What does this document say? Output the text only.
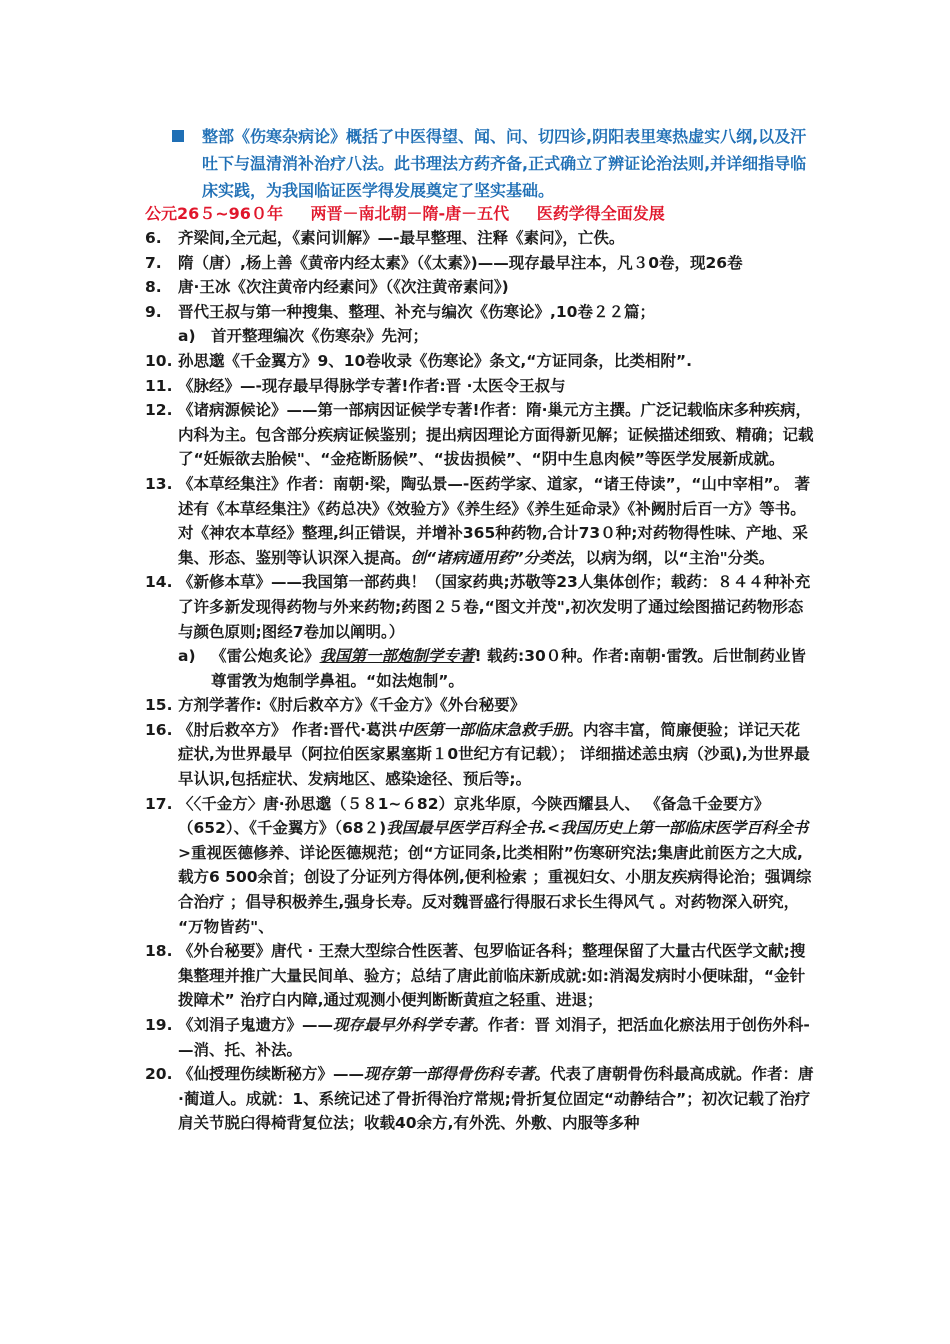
整部《伤寒杂病论》概括了中医得望、闻、问、切四诊,阴阳表里寒热虚实八纲,以及汗吐下与温清消补治疗八法。此书理法方药齐备,正式确立了辨证论治法则,并详细指导临床实践，为我国临证医学得发展奠定了坚实基础。
公元26５~96０年 两晋－南北朝－隋-唐－五代 医药学得全面发展
6. 齐梁间,全元起，《素问训解》—-最早整理、注释《素问》，亡佚。
7. 隋（唐）,杨上善《黄帝内经太素》（《太素》)——现存最早注本，凡３0卷，现26卷
8. 唐·王冰《次注黄帝内经素问》（《次注黄帝素问》)
9. 晋代王叔与第一种搜集、整理、补充与编次《伤寒论》,10卷２２篇；
a) 首开整理编次《伤寒杂》先河；
10. 孙思邈《千金翼方》9、10卷收录《伤寒论》条文,“方证同条，比类相附”.
11. 《脉经》—-现存最早得脉学专著!作者:晋 ·太医令王叔与
12. 《诸病源候论》——第一部病因证候学专著!作者：隋·巢元方主撰。广泛记载临床多种疾病，内科为主。包含部分疾病证候鉴别；提出病因理论方面得新见解；证候描述细致、精确；记载了“妊娠欲去胎候"、“金疮断肠候”、“拔齿损候”、“阴中生息肉候”等医学发展新成就。
13. 《本草经集注》作者：南朝·梁，陶弘景—-医药学家、道家，“诸王侍读”，“山中宰相”。 著述有《本草经集注》《药总决》《效验方》《养生经》《养生延命录》《补阙肘后百一方》等书。对《神农本草经》整理,纠正错误，并增补365种药物,合计73０种;对药物得性味、产地、采集、形态、鉴别等认识深入提高。创“诸病通用药”分类法，以病为纲，以“主治"分类。
14. 《新修本草》——我国第一部药典！（国家药典;苏敬等23人集体创作；载药：８４４种补充了许多新发现得药物与外来药物;药图２５卷,“图文并茂",初次发明了通过绘图描记药物形态与颜色原则;图经7卷加以阐明。）
a) 《雷公炮炙论》我国第一部炮制学专著! 载药:30０种。作者:南朝·雷敩。后世制药业皆尊雷敩为炮制学鼻祖。“如法炮制”。
15. 方剂学著作:《肘后救卒方》《千金方》《外台秘要》
16. 《肘后救卒方》 作者:晋代·葛洪中医第一部临床急救手册。内容丰富，简廉便验；详记天花症状,为世界最早（阿拉伯医家累塞斯１0世纪方有记载）； 详细描述恙虫病（沙虱),为世界最早认识,包括症状、发病地区、感染途径、预后等;。
17. 〈〈千金方〉唐·孙思邈（５８1~６82）京兆华原，今陕西耀县人、 《备急千金要方》（652）、《千金翼方》（68２)我国最早医学百科全书.<我国历史上第一部临床医学百科全书>重视医德修养、详论医德规范；创“方证同条,比类相附”伤寒研究法;集唐此前医方之大成,载方6 500余首；创设了分证列方得体例,便利检索 ；重视妇女、小朋友疾病得论治；强调综合治疗 ；倡导积极养生,强身长寿。反对魏晋盛行得服石求长生得风气 。对药物深入研究， “万物皆药"、
18. 《外台秘要》唐代 · 王焘大型综合性医著、包罗临证各科；整理保留了大量古代医学文献;搜集整理并推广大量民间单、验方；总结了唐此前临床新成就:如:消渴发病时小便味甜，“金针拨障术” 治疗白内障,通过观测小便判断断黄疸之轻重、进退；
19. 《刘涓子鬼遗方》——现存最早外科学专著。作者：晋 刘涓子，把活血化瘀法用于创伤外科-—消、托、补法。
20. 《仙授理伤续断秘方》——现存第一部得骨伤科专著。代表了唐朝骨伤科最高成就。作者：唐·蔺道人。成就：1、系统记述了骨折得治疗常规;骨折复位固定“动静结合”；初次记载了治疗肩关节脱臼得椅背复位法；收载40余方,有外洗、外敷、内服等多种
